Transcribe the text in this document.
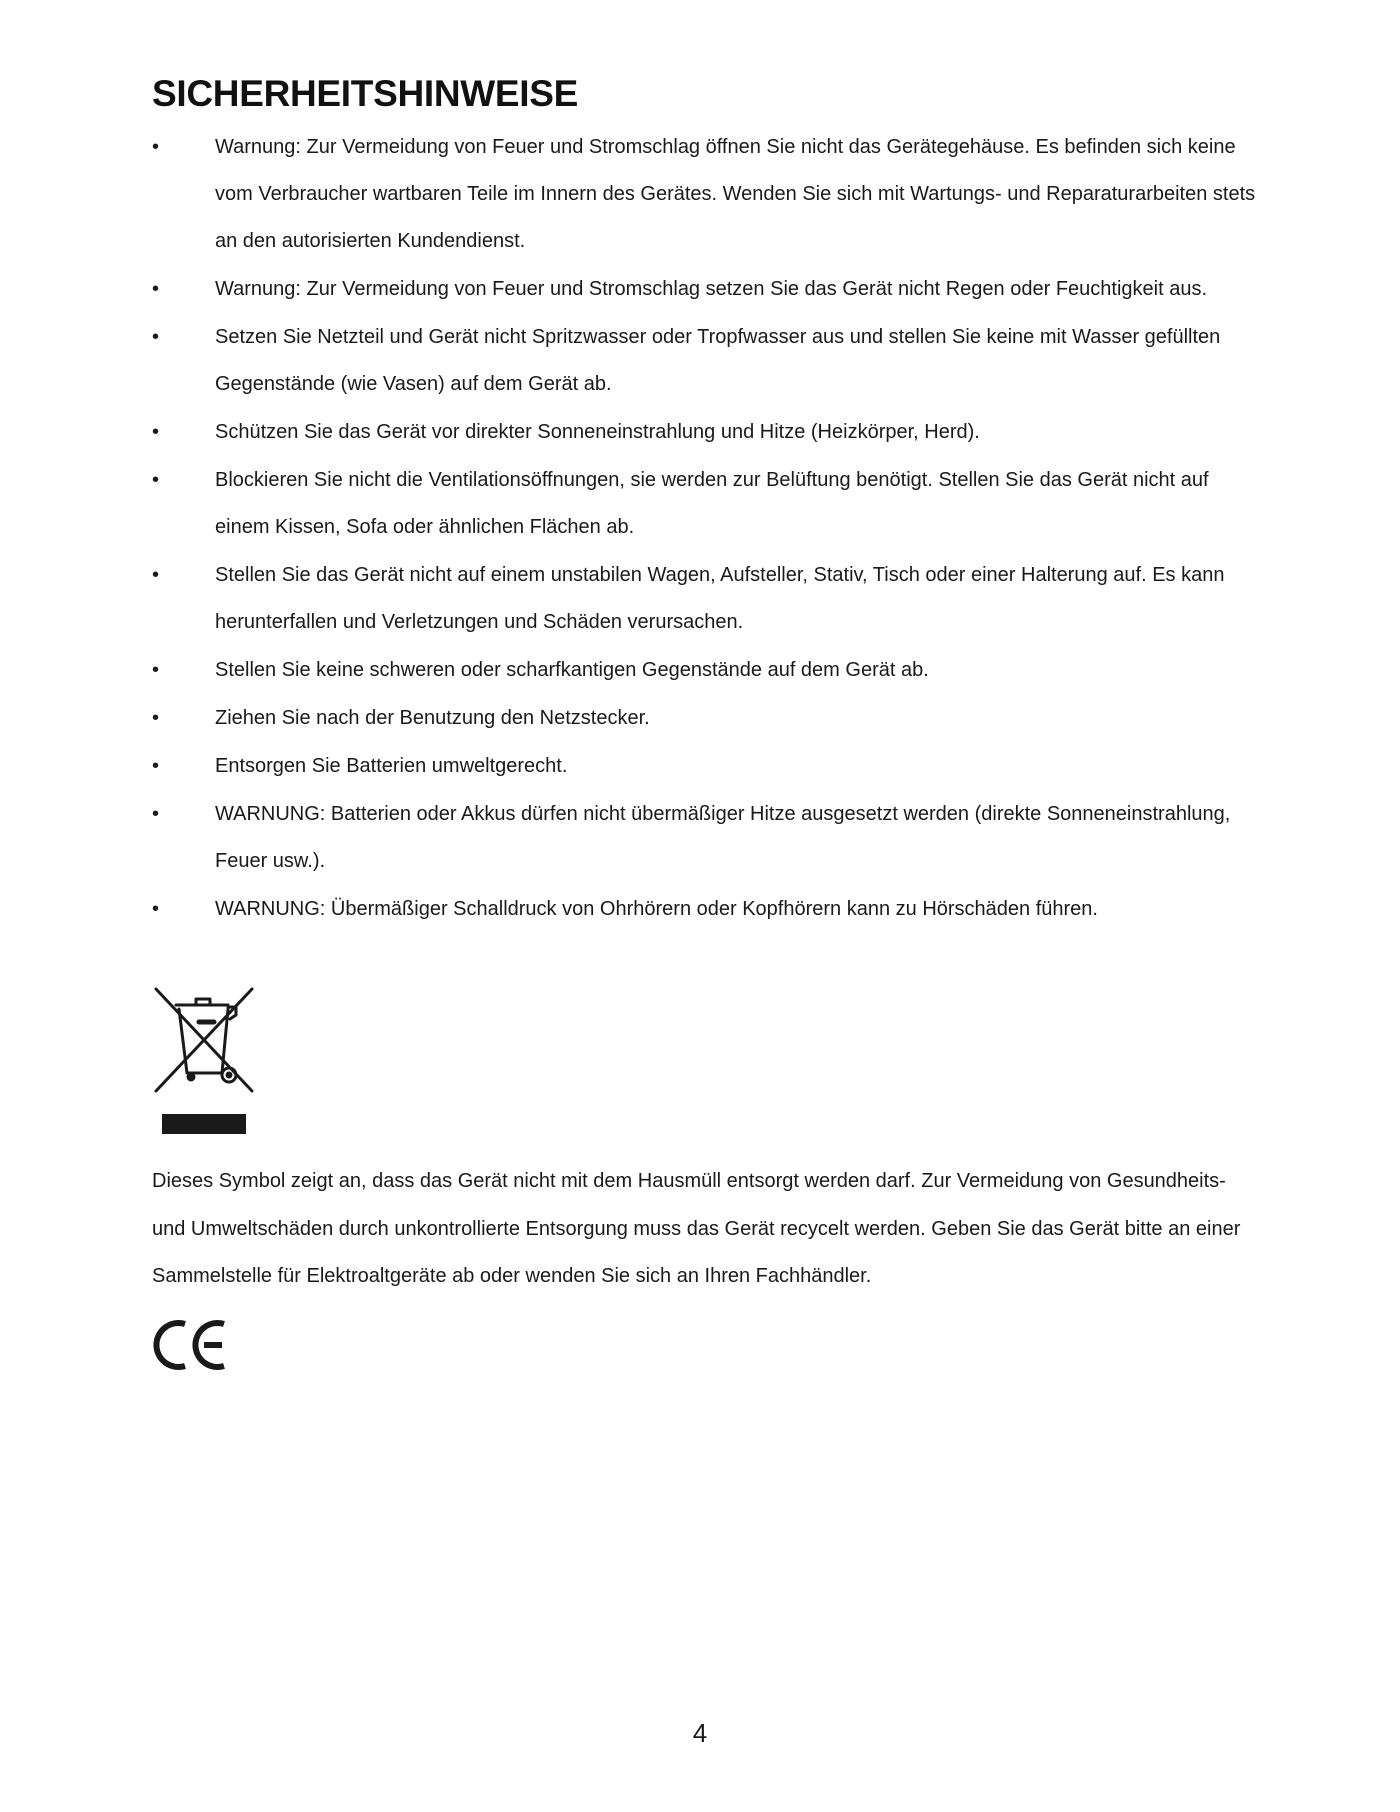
SICHERHEITSHINWEISE
•	Warnung: Zur Vermeidung von Feuer und Stromschlag öffnen Sie nicht das Gerätegehäuse. Es befinden sich keine vom Verbraucher wartbaren Teile im Innern des Gerätes. Wenden Sie sich mit Wartungs- und Reparaturarbeiten stets an den autorisierten Kundendienst.
•	Warnung: Zur Vermeidung von Feuer und Stromschlag setzen Sie das Gerät nicht Regen oder Feuchtigkeit aus.
•	Setzen Sie Netzteil und Gerät nicht Spritzwasser oder Tropfwasser aus und stellen Sie keine mit Wasser gefüllten Gegenstände (wie Vasen) auf dem Gerät ab.
•	Schützen Sie das Gerät vor direkter Sonneneinstrahlung und Hitze (Heizkörper, Herd).
•	Blockieren Sie nicht die Ventilationsöffnungen, sie werden zur Belüftung benötigt. Stellen Sie das Gerät nicht auf einem Kissen, Sofa oder ähnlichen Flächen ab.
•	Stellen Sie das Gerät nicht auf einem unstabilen Wagen, Aufsteller, Stativ, Tisch oder einer Halterung auf. Es kann herunterfallen und Verletzungen und Schäden verursachen.
•	Stellen Sie keine schweren oder scharfkantigen Gegenstände auf dem Gerät ab.
•	Ziehen Sie nach der Benutzung den Netzstecker.
•	Entsorgen Sie Batterien umweltgerecht.
•	WARNUNG: Batterien oder Akkus dürfen nicht übermäßiger Hitze ausgesetzt werden (direkte Sonneneinstrahlung, Feuer usw.).
•	WARNUNG: Übermäßiger Schalldruck von Ohrhörern oder Kopfhörern kann zu Hörschäden führen.

Dieses Symbol zeigt an, dass das Gerät nicht mit dem Hausmüll entsorgt werden darf. Zur Vermeidung von Gesundheits- und Umweltschäden durch unkontrollierte Entsorgung muss das Gerät recycelt werden. Geben Sie das Gerät bitte an einer Sammelstelle für Elektroaltgeräte ab oder wenden Sie sich an Ihren Fachhändler.

4
